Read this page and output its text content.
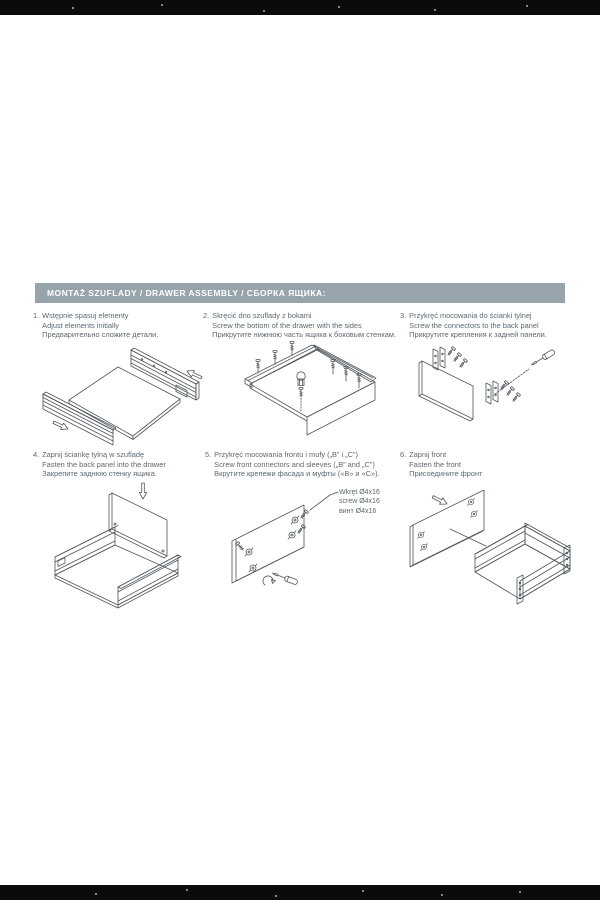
MONTAŻ SZUFLADY / DRAWER ASSEMBLY / СБОРКА ЯЩИКА:
1. Wstępnie spasuj elementy
Adjust elements initially
Предварительно сложите детали.
2. Skręcić dno szuflady z bokami
Screw the bottom of the drawer with the sides
Прикрутите нижнюю часть ящика к боковым стенкам.
3. Przykręć mocowania do ścianki tylnej
Screw the connectors to the back panel
Прикрутите крепления к задней панели.
4. Zapnij ściankę tylną w szufladę
Fasten the back panel into the drawer
Закрепите заднюю стенку ящика.
5. Przykręć mocowania frontu i mufy („B” i „C”)
Screw front connectors and sleeves („B” and „C”)
Вкрутите крепежи фасада и муфты («В» и «С»).
6. Zapnij front
Fasten the front
Присоедините фронт
Wkręt Ø4x16
screw Ø4x16
винт Ø4x16
